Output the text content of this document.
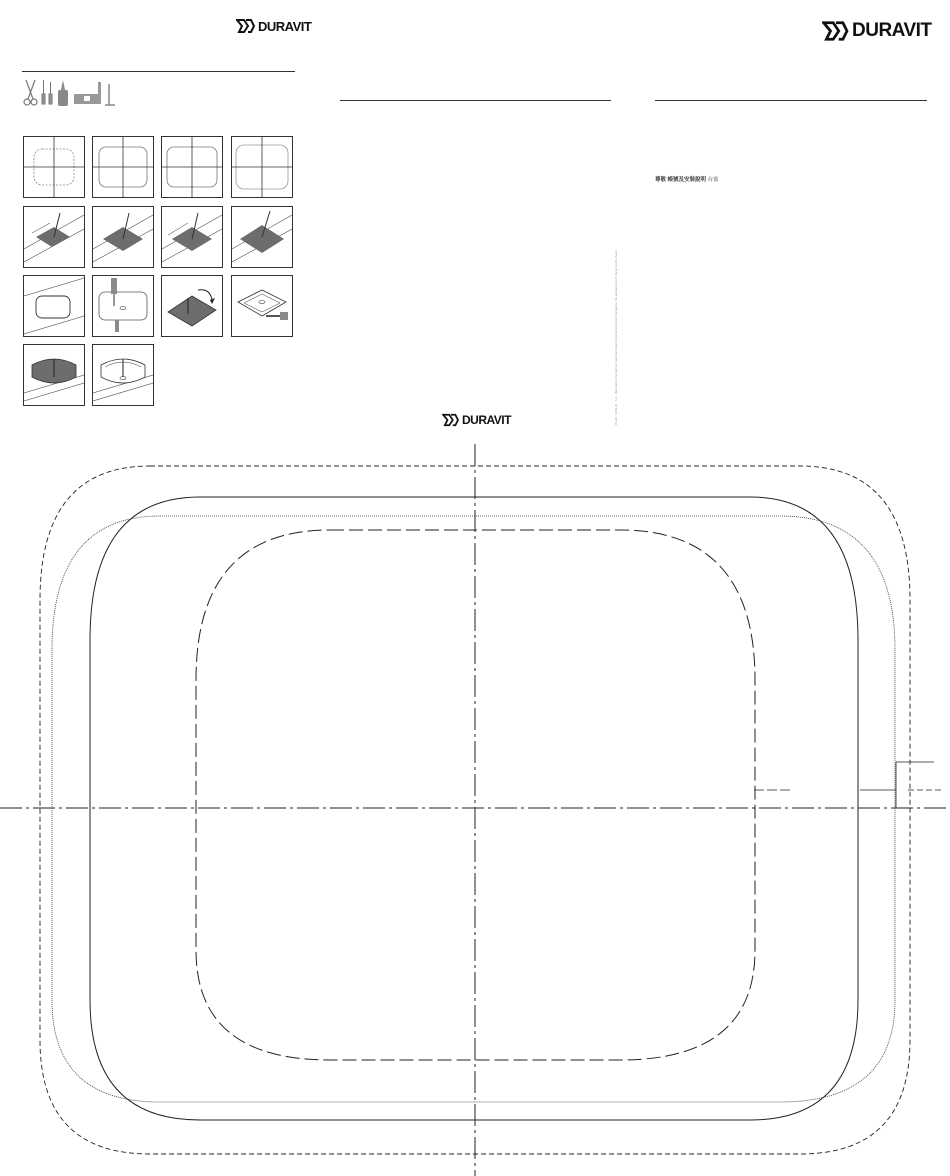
DURAVIT
Druck ‧ 2019-01 ‧ 1.1 ‧ We reserve the right to make technical improvements and changes to the appearance of the products shown.
DURAVIT
DURAVIT
尊敬 帳號及安裝說明 台盆
